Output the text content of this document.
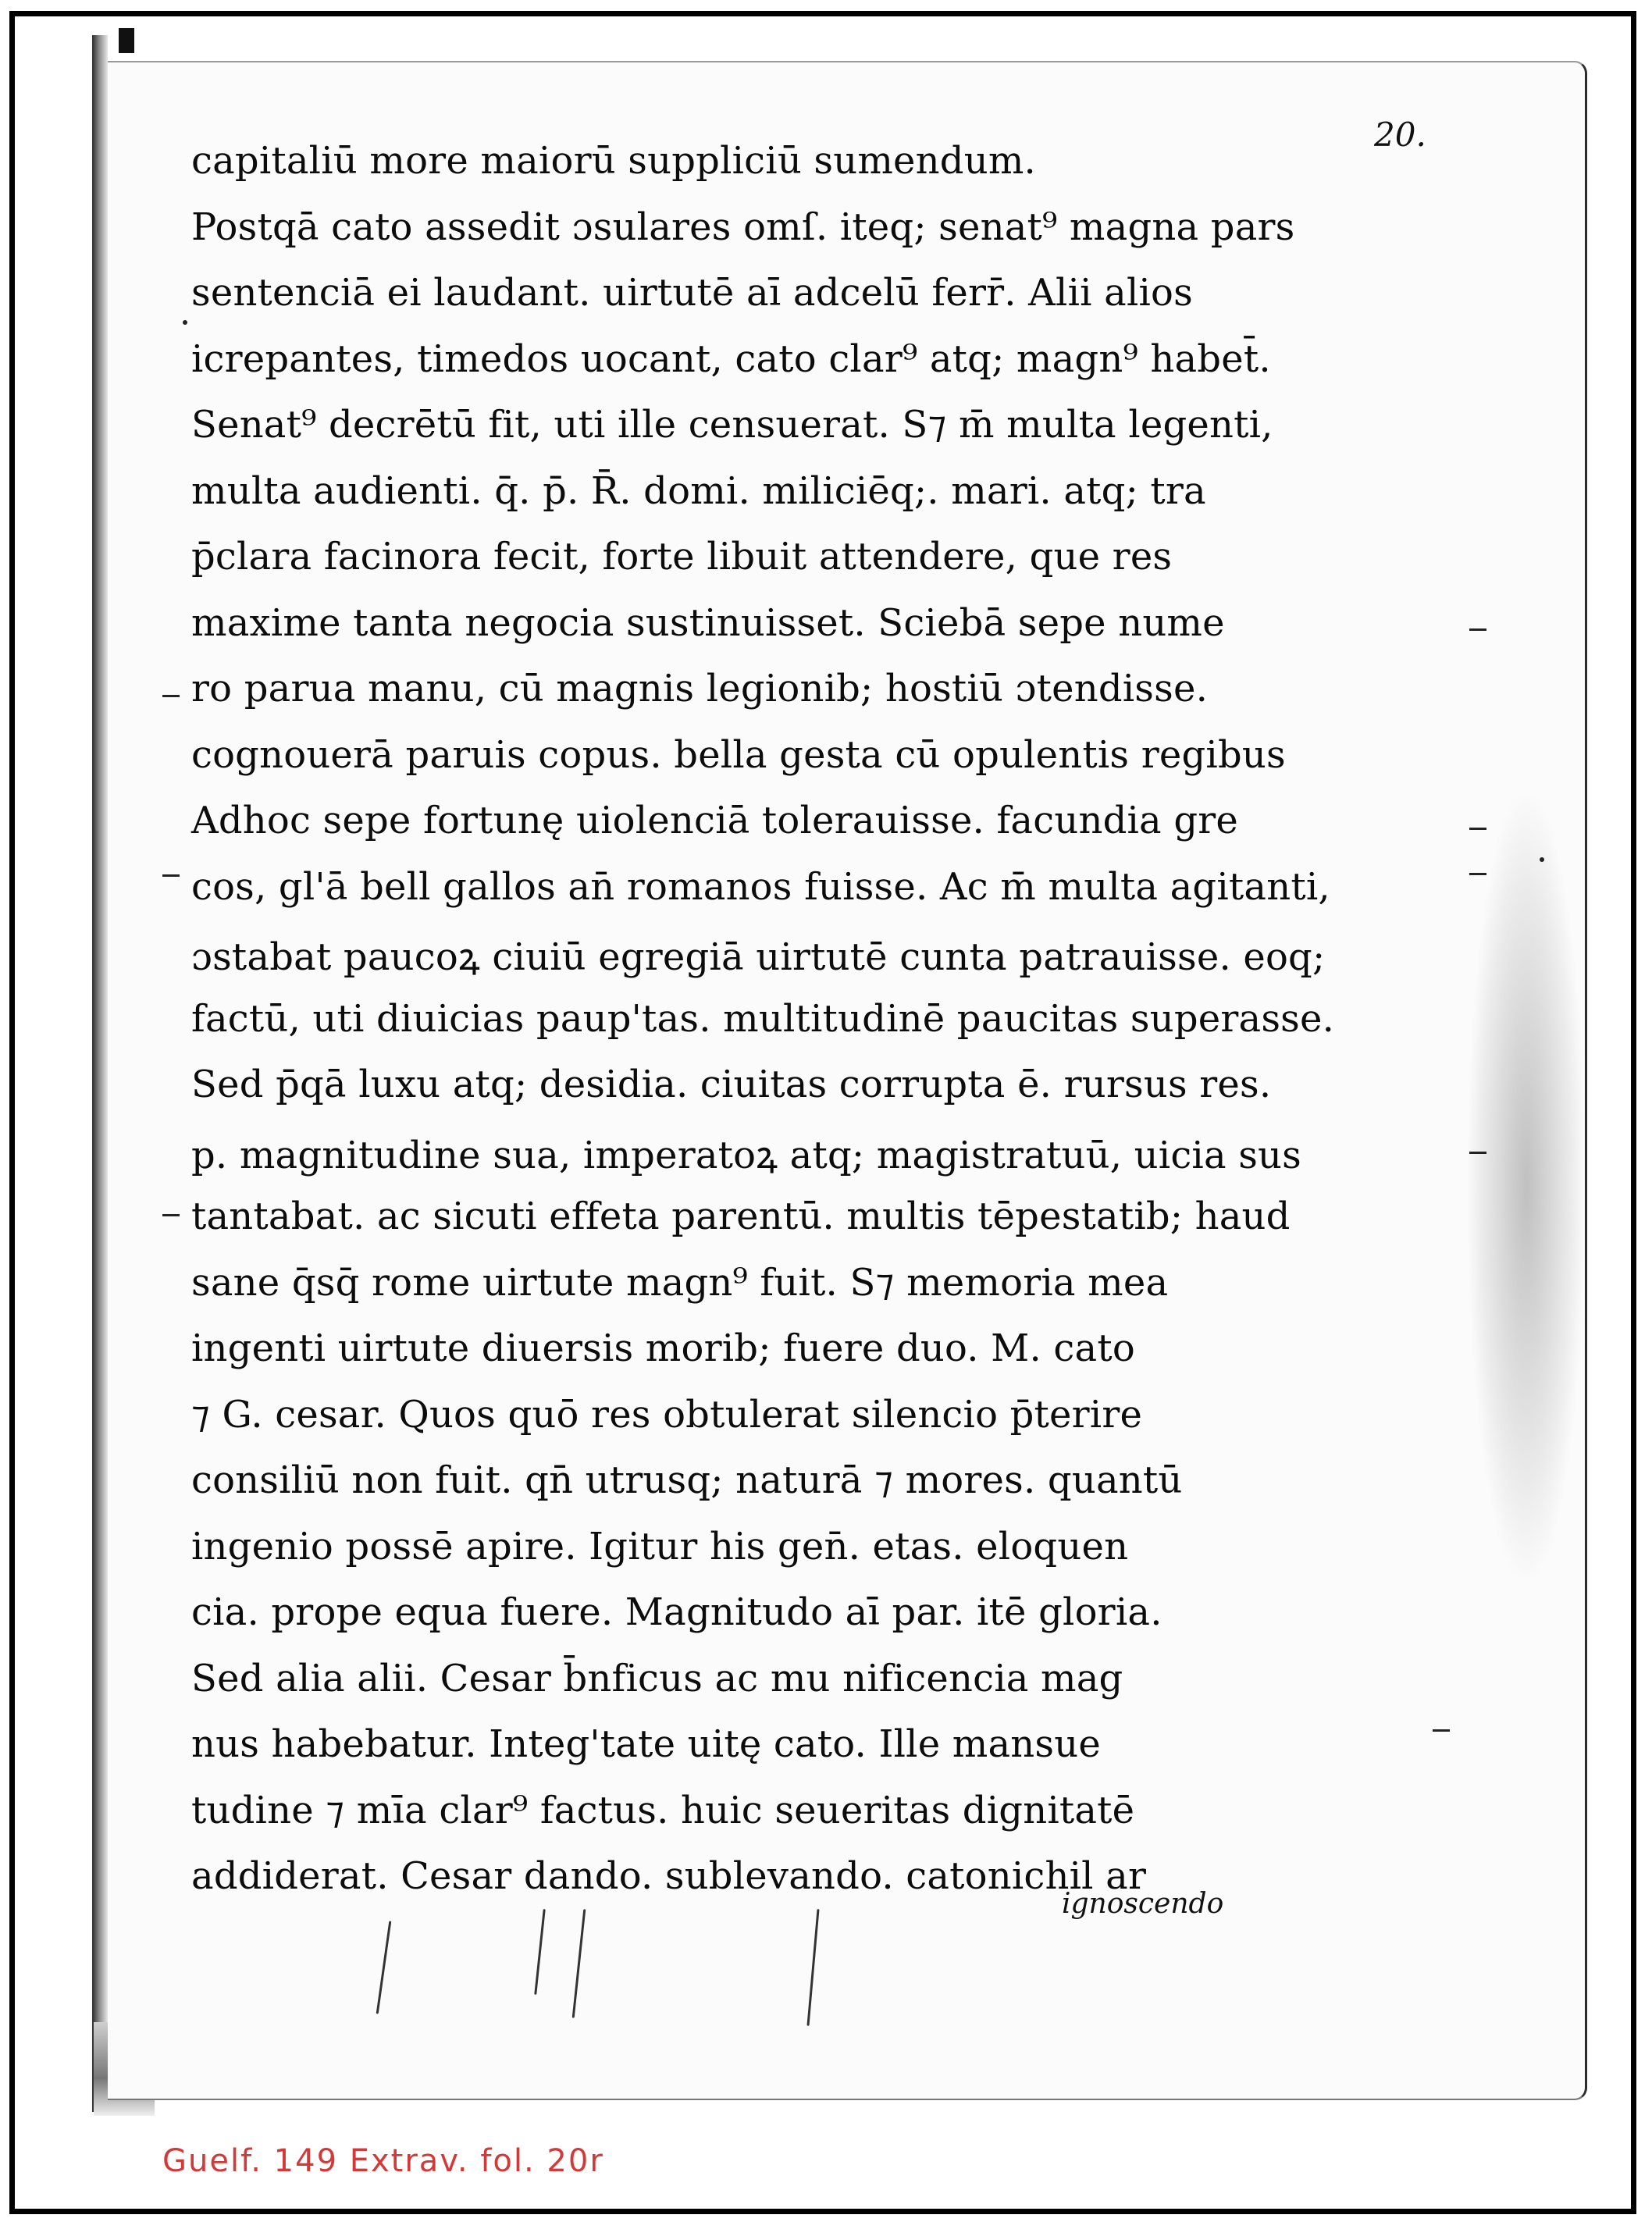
20.
capitaliū more maiorū suppliciū sumendum.
Postqā cato assedit ɔsulares omſ. iteq; senat⁹ magna pars
sentenciā ei laudant. uirtutē aī adcelū ferr̄. Alii alios
icrepantes, timedos uocant, cato clar⁹ atq; magn⁹ habet̄.
Senat⁹ decrētū fit, uti ille censuerat. S⁊ m̄ multa legenti,
multa audienti. q̄. p̄. R̄. domi. miliciēq;. mari. atq; tra
p̄clara facinora fecit, forte libuit attendere, que res
maxime tanta negocia sustinuisset. Sciebā sepe nume
ro parua manu, cū magnis legionib; hostiū ɔtendisse.
cognouerā paruis copus. bella gesta cū opulentis regibus
Adhoc sepe fortunę uiolenciā tolerauisse. facundia gre
cos, gl'ā bell gallos an̄ romanos fuisse. Ac m̄ multa agitanti,
ɔstabat paucoꝝ ciuiū egregiā uirtutē cunta patrauisse. eoq;
factū, uti diuicias paup'tas. multitudinē paucitas superasse.
Sed p̄qā luxu atq; desidia. ciuitas corrupta ē. rursus res.
p. magnitudine sua, imperatoꝝ atq; magistratuū, uicia sus
tantabat. ac sicuti effeta parentū. multis tēpestatib; haud
sane q̄sq̄ rome uirtute magn⁹ fuit. S⁊ memoria mea
ingenti uirtute diuersis morib; fuere duo. M. cato
⁊ G. cesar. Quos quō res obtulerat silencio p̄terire
consiliū non fuit. qn̄ utrusq; naturā ⁊ mores. quantū
ingenio possē apire. Igitur his gen̄. etas. eloquen
cia. prope equa fuere. Magnitudo aī par. itē gloria.
Sed alia alii. Cesar b̄nficus ac mu nificencia mag
nus habebatur. Integ'tate uitę cato. Ille mansue
tudine ⁊ mīa clar⁹ factus. huic seueritas dignitatē
addiderat. Cesar dando. sublevando. catonichil ar
ignoscendo
Guelf. 149 Extrav. fol. 20r
